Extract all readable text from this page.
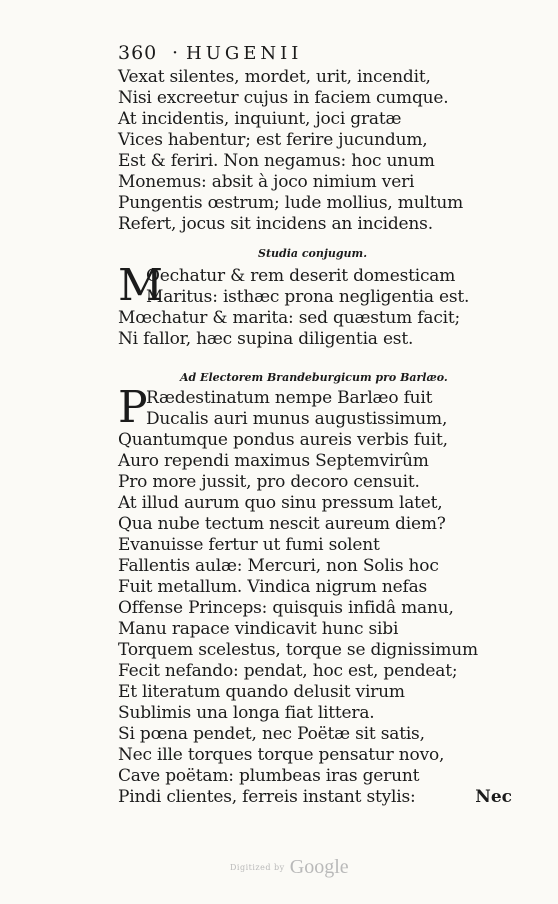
360 · HUGENII
Vexat silentes, mordet, urit, incendit,
Nisi excreetur cujus in faciem cumque.
At incidentis, inquiunt, joci gratæ
Vices habentur; est ferire jucundum,
Est & feriri. Non negamus: hoc unum
Monemus: absit à joco nimium veri
Pungentis œstrum; lude mollius, multum
Refert, jocus sit incidens an incidens.
Studia conjugum.
M
Oechatur & rem deserit domesticam
Maritus: isthæc prona negligentia est.
Mœchatur & marita: sed quæstum facit;
Ni fallor, hæc supina diligentia est.
Ad Electorem Brandeburgicum pro Barlæo.
P
Rædestinatum nempe Barlæo fuit
Ducalis auri munus augustissimum,
Quantumque pondus aureis verbis fuit,
Auro rependi maximus Septemvirûm
Pro more jussit, pro decoro censuit.
At illud aurum quo sinu pressum latet,
Qua nube tectum nescit aureum diem?
Evanuisse fertur ut fumi solent
Fallentis aulæ: Mercuri, non Solis hoc
Fuit metallum. Vindica nigrum nefas
Offense Princeps: quisquis infidâ manu,
Manu rapace vindicavit hunc sibi
Torquem scelestus, torque se dignissimum
Fecit nefando: pendat, hoc est, pendeat;
Et literatum quando delusit virum
Sublimis una longa fiat littera.
Si pœna pendet, nec Poëtæ sit satis,
Nec ille torques torque pensatur novo,
Cave poëtam: plumbeas iras gerunt
Pindi clientes, ferreis instant stylis:	Nec
Digitized by Google
